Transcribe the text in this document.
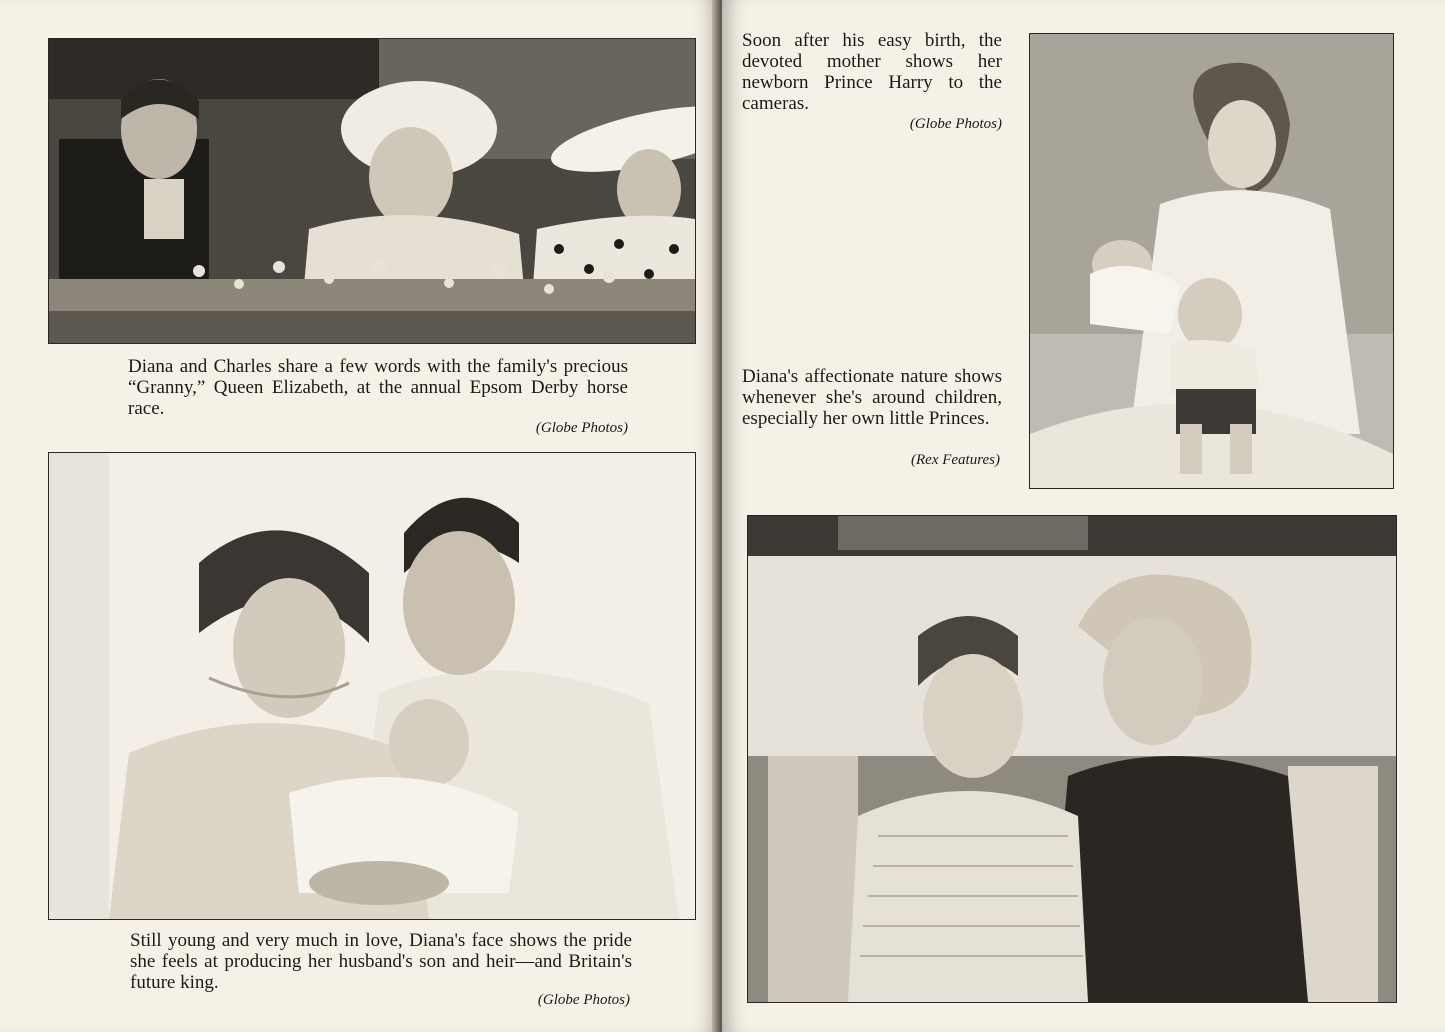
Diana and Charles share a few words with the family's precious “Granny,” Queen Elizabeth, at the annual Epsom Derby horse race.

(Globe Photos)

Still young and very much in love, Diana's face shows the pride she feels at producing her husband's son and heir—and Britain's future king.

(Globe Photos)

Soon after his easy birth, the devoted mother shows her newborn Prince Harry to the cameras.

(Globe Photos)

Diana's affectionate nature shows whenever she's around children, especially her own little Princes.

(Rex Features)
